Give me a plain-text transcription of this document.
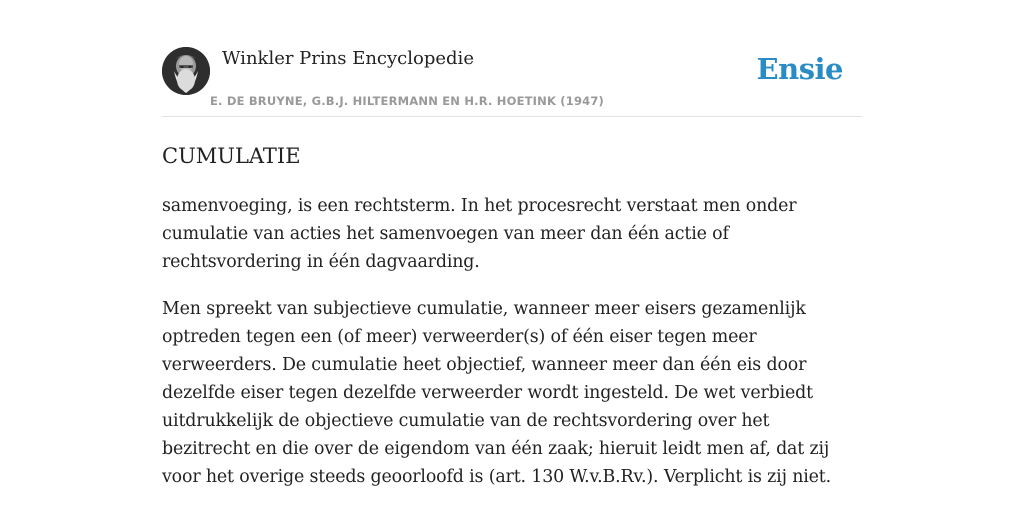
Winkler Prins Encyclopedie
E. DE BRUYNE, G.B.J. HILTERMANN EN H.R. HOETINK (1947)
Ensie
CUMULATIE

samenvoeging, is een rechtsterm. In het procesrecht verstaat men onder cumulatie van acties het samenvoegen van meer dan één actie of rechtsvordering in één dagvaarding.

Men spreekt van subjectieve cumulatie, wanneer meer eisers gezamenlijk optreden tegen een (of meer) verweerder(s) of één eiser tegen meer verweerders. De cumulatie heet objectief, wanneer meer dan één eis door dezelfde eiser tegen dezelfde verweerder wordt ingesteld. De wet verbiedt uitdrukkelijk de objectieve cumulatie van de rechtsvordering over het bezitrecht en die over de eigendom van één zaak; hieruit leidt men af, dat zij voor het overige steeds geoorloofd is (art. 130 W.v.B.Rv.). Verplicht is zij niet.
